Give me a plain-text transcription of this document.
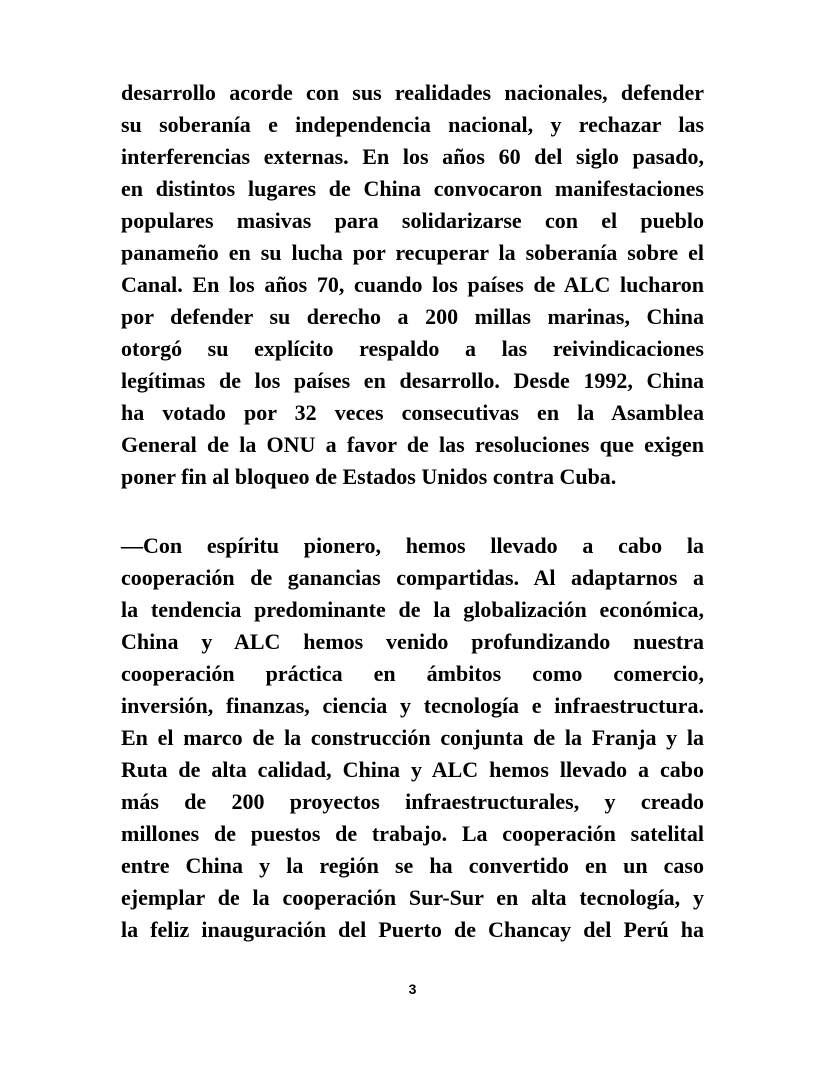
desarrollo acorde con sus realidades nacionales, defender
su soberanía e independencia nacional, y rechazar las
interferencias externas. En los años 60 del siglo pasado,
en distintos lugares de China convocaron manifestaciones
populares masivas para solidarizarse con el pueblo
panameño en su lucha por recuperar la soberanía sobre el
Canal. En los años 70, cuando los países de ALC lucharon
por defender su derecho a 200 millas marinas, China
otorgó su explícito respaldo a las reivindicaciones
legítimas de los países en desarrollo. Desde 1992, China
ha votado por 32 veces consecutivas en la Asamblea
General de la ONU a favor de las resoluciones que exigen
poner fin al bloqueo de Estados Unidos contra Cuba.
—Con espíritu pionero, hemos llevado a cabo la
cooperación de ganancias compartidas. Al adaptarnos a
la tendencia predominante de la globalización económica,
China y ALC hemos venido profundizando nuestra
cooperación práctica en ámbitos como comercio,
inversión, finanzas, ciencia y tecnología e infraestructura.
En el marco de la construcción conjunta de la Franja y la
Ruta de alta calidad, China y ALC hemos llevado a cabo
más de 200 proyectos infraestructurales, y creado
millones de puestos de trabajo. La cooperación satelital
entre China y la región se ha convertido en un caso
ejemplar de la cooperación Sur-Sur en alta tecnología, y
la feliz inauguración del Puerto de Chancay del Perú ha
3
